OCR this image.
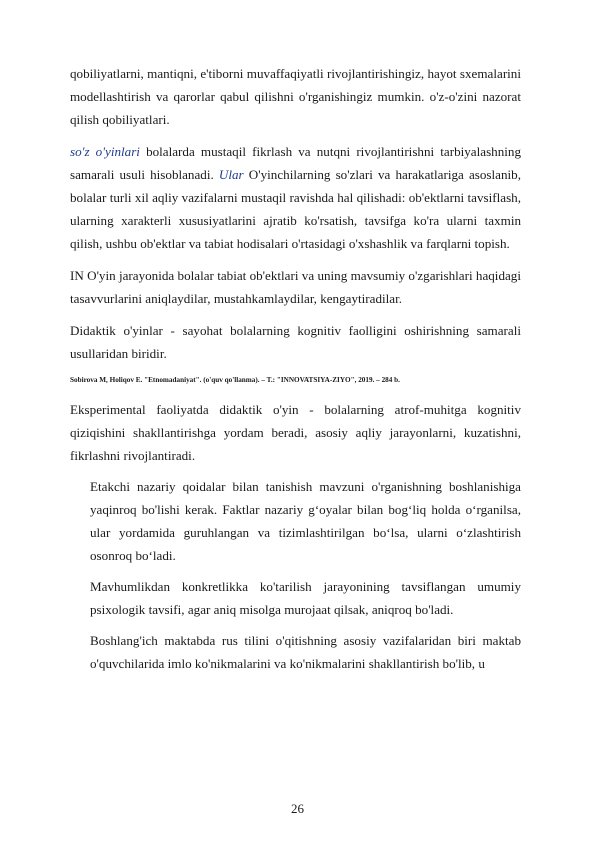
qobiliyatlarni, mantiqni, e'tiborni muvaffaqiyatli rivojlantirishingiz, hayot sxemalarini modellashtirish va qarorlar qabul qilishni o'rganishingiz mumkin. o'z-o'zini nazorat qilish qobiliyatlari.

so'z o'yinlari bolalarda mustaqil fikrlash va nutqni rivojlantirishni tarbiyalashning samarali usuli hisoblanadi. Ular O'yinchilarning so'zlari va harakatlariga asoslanib, bolalar turli xil aqliy vazifalarni mustaqil ravishda hal qilishadi: ob'ektlarni tavsiflash, ularning xarakterli xususiyatlarini ajratib ko'rsatish, tavsifga ko'ra ularni taxmin qilish, ushbu ob'ektlar va tabiat hodisalari o'rtasidagi o'xshashlik va farqlarni topish.

IN O'yin jarayonida bolalar tabiat ob'ektlari va uning mavsumiy o'zgarishlari haqidagi tasavvurlarini aniqlaydilar, mustahkamlaydilar, kengaytiradilar.

Didaktik o'yinlar - sayohat bolalarning kognitiv faolligini oshirishning samarali usullaridan biridir.

Sobirova M, Holiqov E. "Etnomadaniyat". (o'quv qo'llanma). – T.: "INNOVATSIYA-ZIYO", 2019. – 284 b.

Eksperimental faoliyatda didaktik o'yin - bolalarning atrof-muhitga kognitiv qiziqishini shakllantirishga yordam beradi, asosiy aqliy jarayonlarni, kuzatishni, fikrlashni rivojlantiradi.

Etakchi nazariy qoidalar bilan tanishish mavzuni o'rganishning boshlanishiga yaqinroq bo'lishi kerak. Faktlar nazariy g‘oyalar bilan bog‘liq holda o‘rganilsa, ular yordamida guruhlangan va tizimlashtirilgan bo‘lsa, ularni o‘zlashtirish osonroq bo‘ladi.

Mavhumlikdan konkretlikka ko'tarilish jarayonining tavsiflangan umumiy psixologik tavsifi, agar aniq misolga murojaat qilsak, aniqroq bo'ladi.

Boshlang'ich maktabda rus tilini o'qitishning asosiy vazifalaridan biri maktab o'quvchilarida imlo ko'nikmalarini va ko'nikmalarini shakllantirish bo'lib, u

26
